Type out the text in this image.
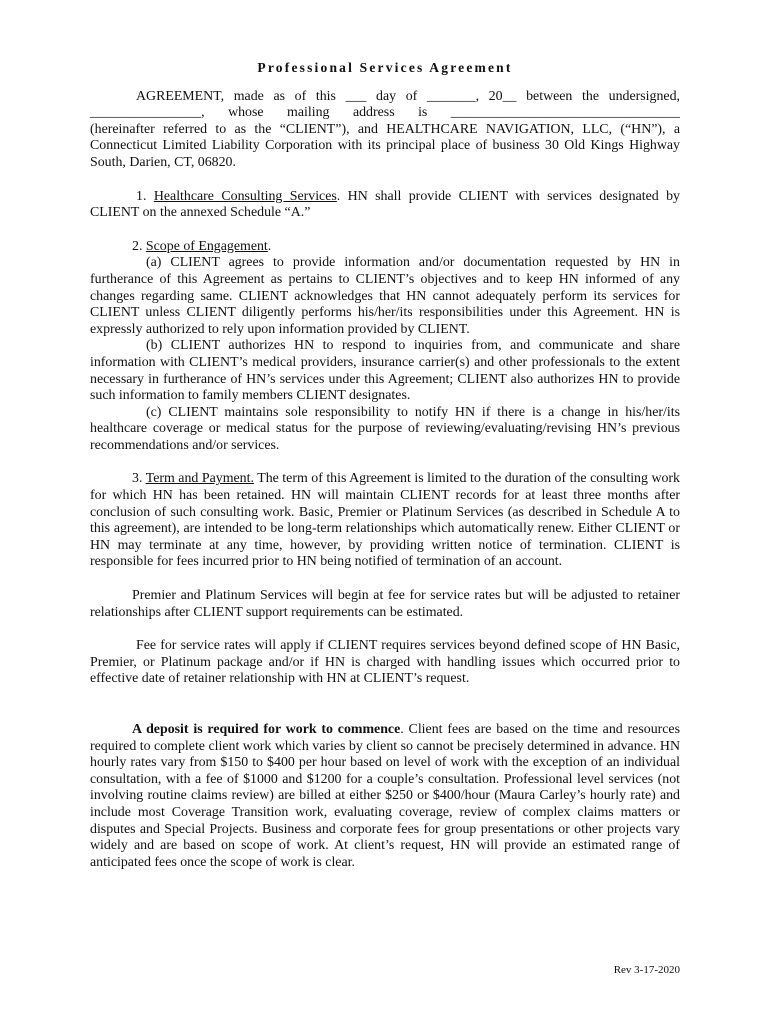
Professional Services Agreement

AGREEMENT, made as of this ___ day of _______, 20__ between the undersigned,

________________, whose mailing address is _________________________________

(hereinafter referred to as the “CLIENT”), and HEALTHCARE NAVIGATION, LLC, (“HN”), a Connecticut Limited Liability Corporation with its principal place of business 30 Old Kings Highway South, Darien, CT, 06820.

1. Healthcare Consulting Services. HN shall provide CLIENT with services designated by CLIENT on the annexed Schedule “A.”

2. Scope of Engagement.

(a) CLIENT agrees to provide information and/or documentation requested by HN in furtherance of this Agreement as pertains to CLIENT’s objectives and to keep HN informed of any changes regarding same. CLIENT acknowledges that HN cannot adequately perform its services for CLIENT unless CLIENT diligently performs his/her/its responsibilities under this Agreement. HN is expressly authorized to rely upon information provided by CLIENT.

(b) CLIENT authorizes HN to respond to inquiries from, and communicate and share information with CLIENT’s medical providers, insurance carrier(s) and other professionals to the extent necessary in furtherance of HN’s services under this Agreement; CLIENT also authorizes HN to provide such information to family members CLIENT designates.

(c) CLIENT maintains sole responsibility to notify HN if there is a change in his/her/its healthcare coverage or medical status for the purpose of reviewing/evaluating/revising HN’s previous recommendations and/or services.

3. Term and Payment. The term of this Agreement is limited to the duration of the consulting work for which HN has been retained. HN will maintain CLIENT records for at least three months after conclusion of such consulting work. Basic, Premier or Platinum Services (as described in Schedule A to this agreement), are intended to be long-term relationships which automatically renew. Either CLIENT or HN may terminate at any time, however, by providing written notice of termination. CLIENT is responsible for fees incurred prior to HN being notified of termination of an account.

Premier and Platinum Services will begin at fee for service rates but will be adjusted to retainer relationships after CLIENT support requirements can be estimated.

Fee for service rates will apply if CLIENT requires services beyond defined scope of HN Basic, Premier, or Platinum package and/or if HN is charged with handling issues which occurred prior to effective date of retainer relationship with HN at CLIENT’s request.

A deposit is required for work to commence. Client fees are based on the time and resources required to complete client work which varies by client so cannot be precisely determined in advance. HN hourly rates vary from $150 to $400 per hour based on level of work with the exception of an individual consultation, with a fee of $1000 and $1200 for a couple’s consultation. Professional level services (not involving routine claims review) are billed at either $250 or $400/hour (Maura Carley’s hourly rate) and include most Coverage Transition work, evaluating coverage, review of complex claims matters or disputes and Special Projects. Business and corporate fees for group presentations or other projects vary widely and are based on scope of work. At client’s request, HN will provide an estimated range of anticipated fees once the scope of work is clear.

Rev 3-17-2020
